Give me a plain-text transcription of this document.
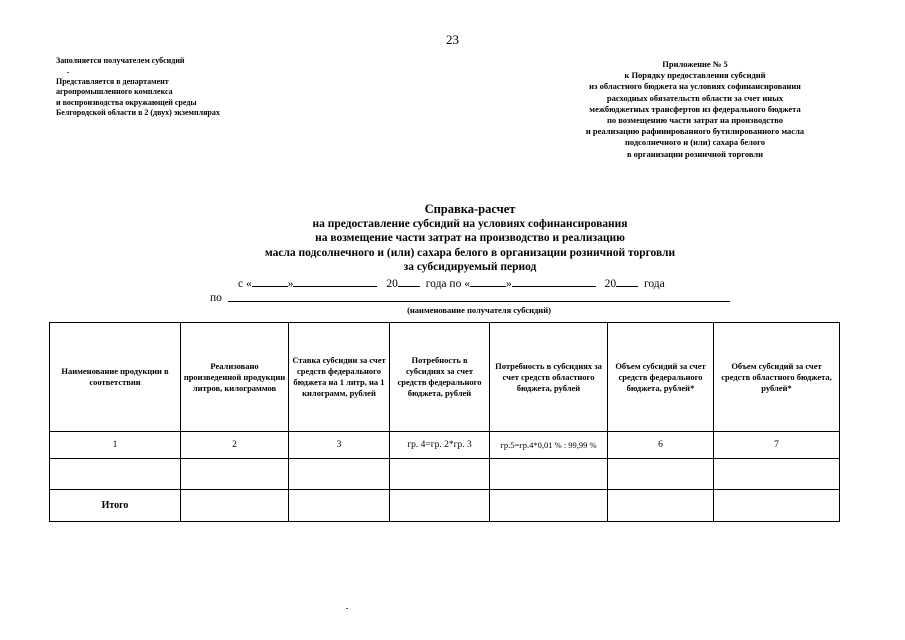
23
Заполняется получателем субсидий
Представляется в департамент
агропромышленного комплекса
и воспроизводства окружающей среды
Белгородской области в 2 (двух) экземплярах
Приложение № 5
к Порядку предоставления субсидий
из областного бюджета на условиях софинансирования
расходных обязательств области за счет иных
межбюджетных трансфертов из федерального бюджета
по возмещению части затрат на производство
и реализацию рафинированного бутилированного масла
подсолнечного и (или) сахара белого
в организации розничной торговли
Справка-расчет
на предоставление субсидий на условиях софинансирования
на возмещение части затрат на производство и реализацию
масла подсолнечного и (или) сахара белого в организации розничной торговли
за субсидируемый период
с «	»	20 года по «	»	20 года
по
(наименование получателя субсидий)
Наименование продукции в соответствии	Реализовано произведенной продукции литров, килограммов	Ставка субсидии за счет средств федерального бюджета на 1 литр, на 1 килограмм, рублей	Потребность в субсидиях за счет средств федерального бюджета, рублей	Потребность в субсидиях за счет средств областного бюджета, рублей	Объем субсидий за счет средств федерального бюджета, рублей*	Объем субсидий за счет средств областного бюджета, рублей*
1	2	3	гр. 4=гр. 2*гр. 3	гр.5=гр.4*0,01 % : 99,99 %	6	7

Итого						
